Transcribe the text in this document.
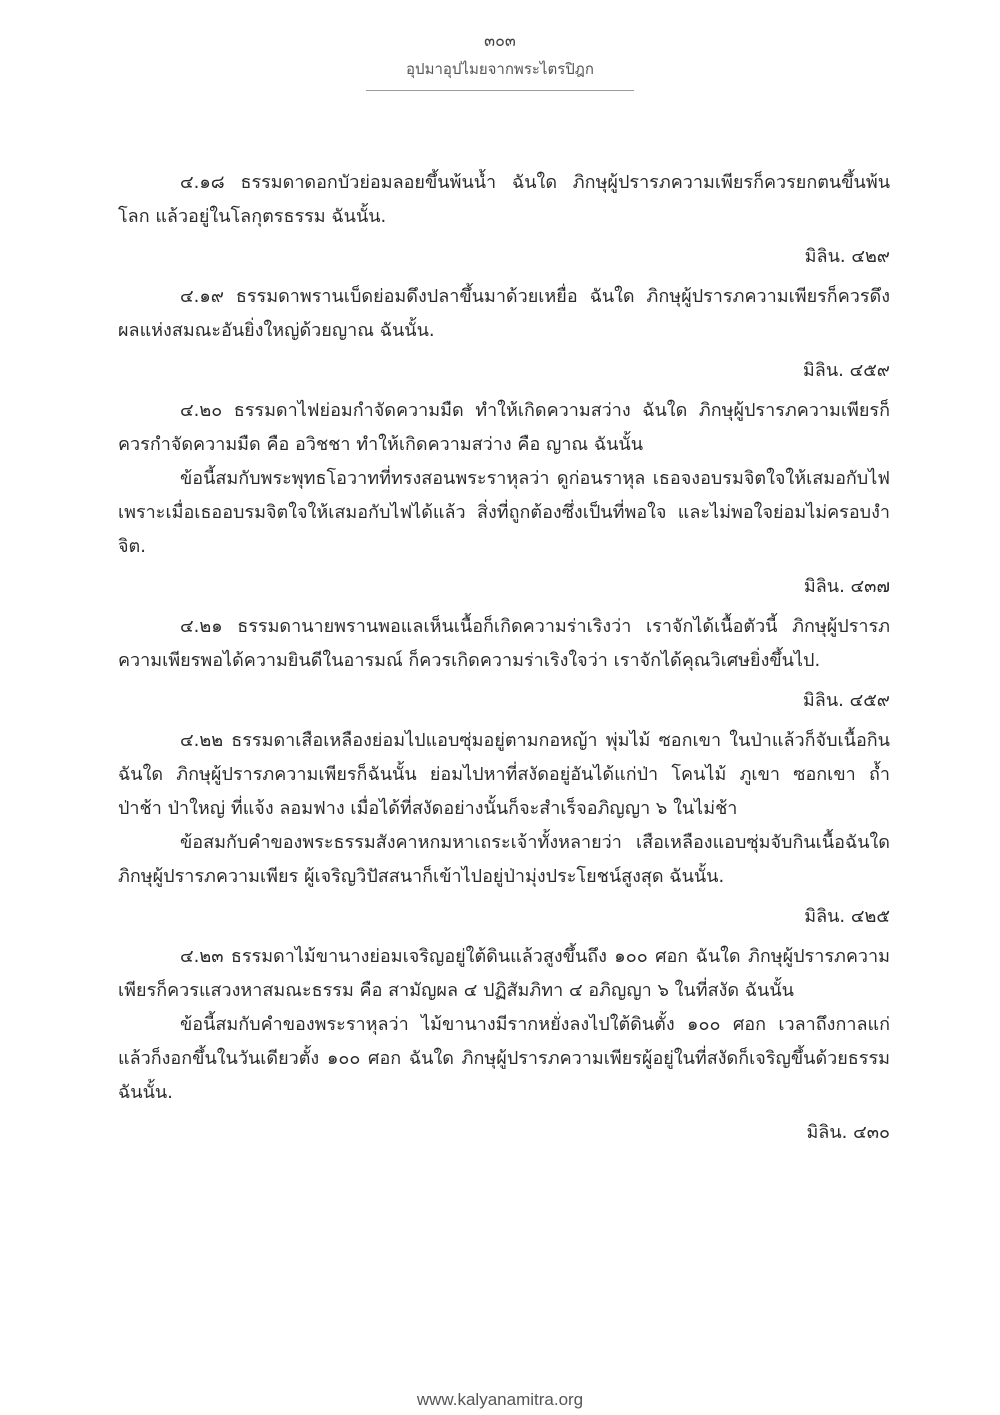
๓๐๓
อุปมาอุปไมยจากพระไตรปิฎก

๔.๑๘ ธรรมดาดอกบัวย่อมลอยขึ้นพ้นน้ำ ฉันใด ภิกษุผู้ปรารภความเพียรก็ควรยกตนขึ้นพ้นโลก แล้วอยู่ในโลกุตรธรรม ฉันนั้น.

มิลิน. ๔๒๙

๔.๑๙ ธรรมดาพรานเบ็ดย่อมดึงปลาขึ้นมาด้วยเหยื่อ ฉันใด ภิกษุผู้ปรารภความเพียรก็ควรดึงผลแห่งสมณะอันยิ่งใหญ่ด้วยญาณ ฉันนั้น.

มิลิน. ๔๕๙

๔.๒๐ ธรรมดาไฟย่อมกำจัดความมืด ทำให้เกิดความสว่าง ฉันใด ภิกษุผู้ปรารภความเพียรก็ควรกำจัดความมืด คือ อวิชชา ทำให้เกิดความสว่าง คือ ญาณ ฉันนั้น

ข้อนี้สมกับพระพุทธโอวาทที่ทรงสอนพระราหุลว่า ดูก่อนราหุล เธอจงอบรมจิตใจให้เสมอกับไฟ เพราะเมื่อเธออบรมจิตใจให้เสมอกับไฟได้แล้ว สิ่งที่ถูกต้องซึ่งเป็นที่พอใจ และไม่พอใจย่อมไม่ครอบงำจิต.

มิลิน. ๔๓๗

๔.๒๑ ธรรมดานายพรานพอแลเห็นเนื้อก็เกิดความร่าเริงว่า เราจักได้เนื้อตัวนี้ ภิกษุผู้ปรารภความเพียรพอได้ความยินดีในอารมณ์ ก็ควรเกิดความร่าเริงใจว่า เราจักได้คุณวิเศษยิ่งขึ้นไป.

มิลิน. ๔๕๙

๔.๒๒ ธรรมดาเสือเหลืองย่อมไปแอบซุ่มอยู่ตามกอหญ้า พุ่มไม้ ซอกเขา ในป่าแล้วก็จับเนื้อกิน ฉันใด ภิกษุผู้ปรารภความเพียรก็ฉันนั้น ย่อมไปหาที่สงัดอยู่อันได้แก่ป่า โคนไม้ ภูเขา ซอกเขา ถ้ำ ป่าช้า ป่าใหญ่ ที่แจ้ง ลอมฟาง เมื่อได้ที่สงัดอย่างนั้นก็จะสำเร็จอภิญญา ๖ ในไม่ช้า

ข้อสมกับคำของพระธรรมสังคาหกมหาเถระเจ้าทั้งหลายว่า เสือเหลืองแอบซุ่มจับกินเนื้อฉันใด ภิกษุผู้ปรารภความเพียร ผู้เจริญวิปัสสนาก็เข้าไปอยู่ป่ามุ่งประโยชน์สูงสุด ฉันนั้น.

มิลิน. ๔๒๕

๔.๒๓ ธรรมดาไม้ขานางย่อมเจริญอยู่ใต้ดินแล้วสูงขึ้นถึง ๑๐๐ ศอก ฉันใด ภิกษุผู้ปรารภความเพียรก็ควรแสวงหาสมณะธรรม คือ สามัญผล ๔ ปฏิสัมภิทา ๔ อภิญญา ๖ ในที่สงัด ฉันนั้น

ข้อนี้สมกับคำของพระราหุลว่า ไม้ขานางมีรากหยั่งลงไปใต้ดินตั้ง ๑๐๐ ศอก เวลาถึงกาลแก่แล้วก็งอกขึ้นในวันเดียวตั้ง ๑๐๐ ศอก ฉันใด ภิกษุผู้ปรารภความเพียรผู้อยู่ในที่สงัดก็เจริญขึ้นด้วยธรรม ฉันนั้น.

มิลิน. ๔๓๐
www.kalyanamitra.org
